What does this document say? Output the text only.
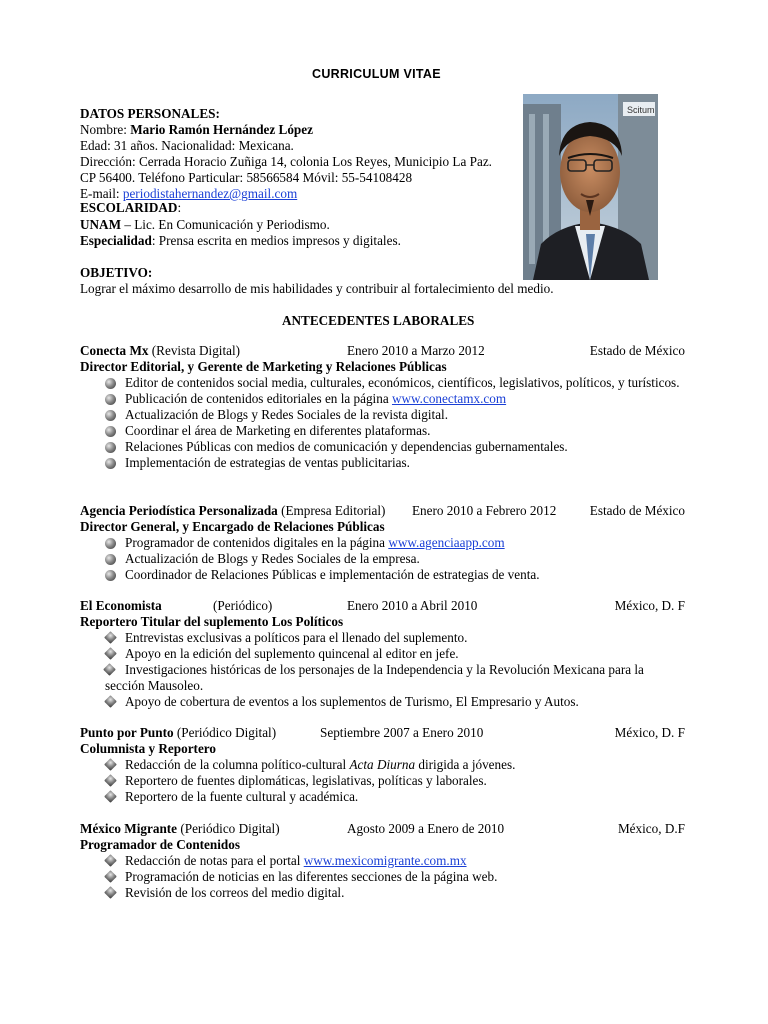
CURRICULUM VITAE
Scitum
DATOS PERSONALES:
Nombre: Mario Ramón Hernández López
Edad: 31 años. Nacionalidad: Mexicana.
Dirección: Cerrada Horacio Zuñiga 14, colonia Los Reyes, Municipio La Paz.
CP 56400. Teléfono Particular: 58566584 Móvil: 55-54108428
E-mail: periodistahernandez@gmail.com
ESCOLARIDAD:
UNAM – Lic. En Comunicación y Periodismo.
Especialidad: Prensa escrita en medios impresos y digitales.
OBJETIVO:
Lograr el máximo desarrollo de mis habilidades y contribuir al fortalecimiento del medio.
ANTECEDENTES LABORALES
Conecta Mx (Revista Digital)	Enero 2010 a Marzo 2012	Estado de México
Director Editorial, y Gerente de Marketing y Relaciones Públicas
Editor de contenidos social media, culturales, económicos, científicos, legislativos, políticos, y turísticos.
Publicación de contenidos editoriales en la página www.conectamx.com
Actualización de Blogs y Redes Sociales de la revista digital.
Coordinar el área de Marketing en diferentes plataformas.
Relaciones Públicas con medios de comunicación y dependencias gubernamentales.
Implementación de estrategias de ventas publicitarias.
Agencia Periodística Personalizada (Empresa Editorial) Enero 2010 a Febrero 2012	Estado de México
Director General, y Encargado de Relaciones Públicas
Programador de contenidos digitales en la página www.agenciaapp.com
Actualización de Blogs y Redes Sociales de la empresa.
Coordinador de Relaciones Públicas e implementación de estrategias de venta.
El Economista	(Periódico)	Enero 2010 a Abril 2010	México, D. F
Reportero Titular del suplemento Los Políticos
Entrevistas exclusivas a políticos para el llenado del suplemento.
Apoyo en la edición del suplemento quincenal al editor en jefe.
Investigaciones históricas de los personajes de la Independencia y la Revolución Mexicana para la sección Mausoleo.
Apoyo de cobertura de eventos a los suplementos de Turismo, El Empresario y Autos.
Punto por Punto (Periódico Digital)	Septiembre 2007 a Enero 2010	México, D. F
Columnista y Reportero
Redacción de la columna político-cultural Acta Diurna dirigida a jóvenes.
Reportero de fuentes diplomáticas, legislativas, políticas y laborales.
Reportero de la fuente cultural y académica.
México Migrante (Periódico Digital)	Agosto 2009 a Enero de 2010	México, D.F
Programador de Contenidos
Redacción de notas para el portal www.mexicomigrante.com.mx
Programación de noticias en las diferentes secciones de la página web.
Revisión de los correos del medio digital.
